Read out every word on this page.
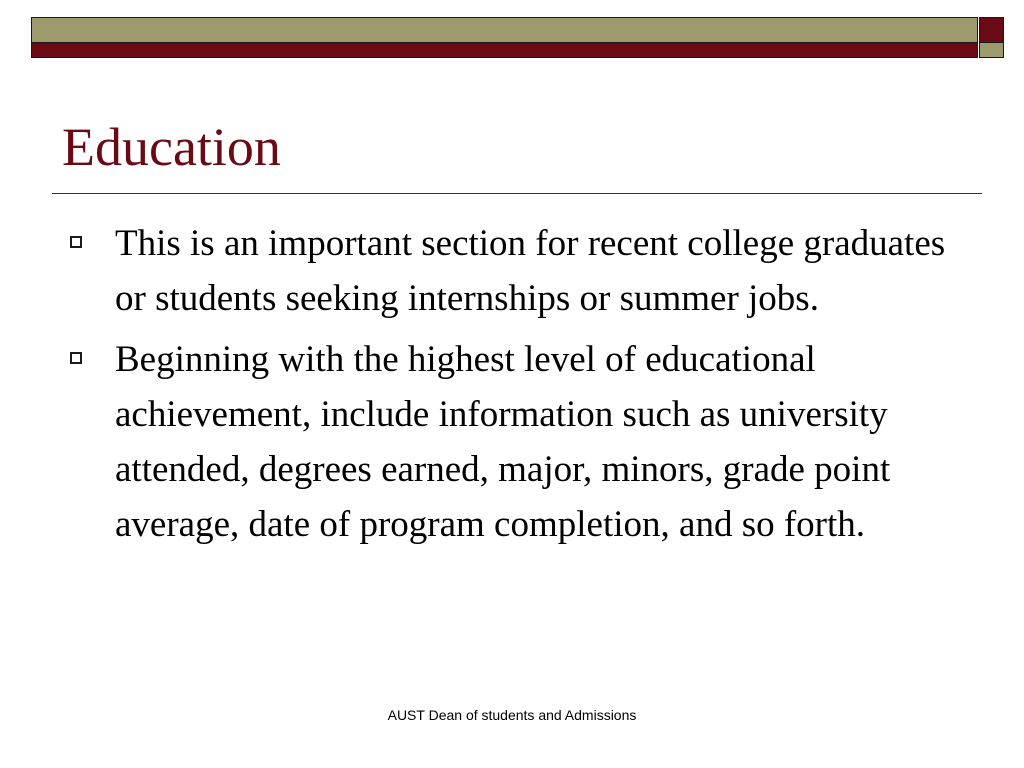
Education
This is an important section for recent college graduates or students seeking internships or summer jobs.
Beginning with the highest level of educational achievement, include information such as university attended, degrees earned, major, minors, grade point average, date of program completion, and so forth.
AUST Dean of students and Admissions
